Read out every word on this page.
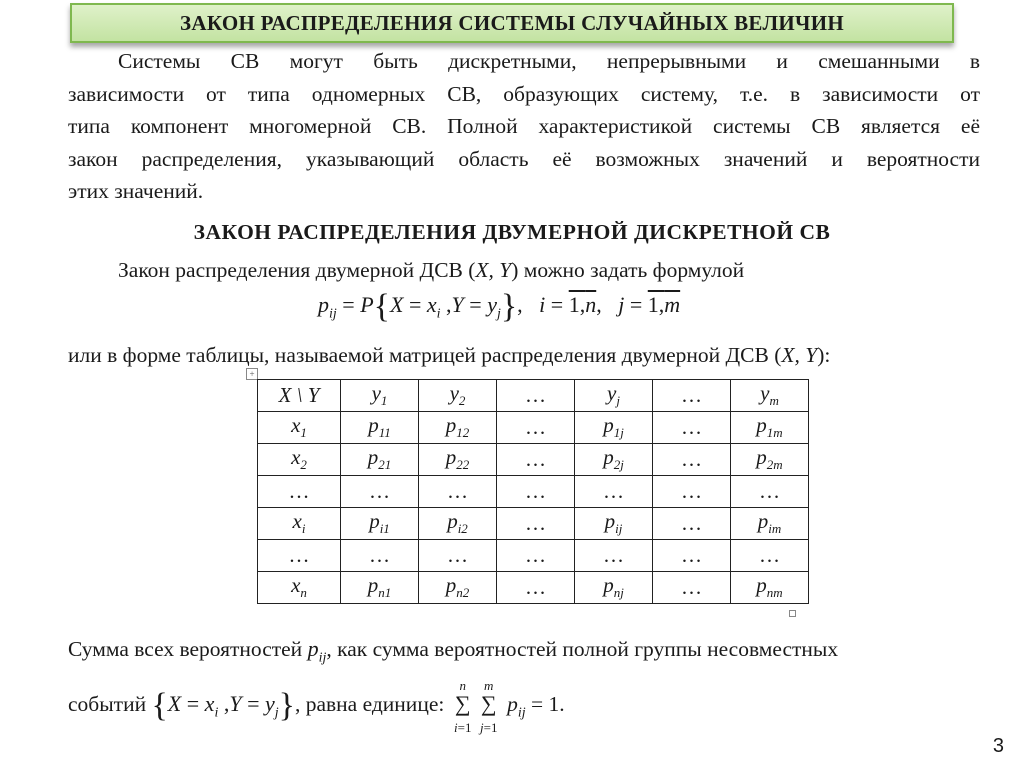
ЗАКОН РАСПРЕДЕЛЕНИЯ СИСТЕМЫ СЛУЧАЙНЫХ ВЕЛИЧИН
Системы СВ могут быть дискретными, непрерывными и смешанными в
зависимости от типа одномерных СВ, образующих систему, т.е. в зависимости от
типа компонент многомерной СВ. Полной характеристикой системы СВ является её
закон распределения, указывающий область её возможных значений и вероятности
этих значений.
ЗАКОН РАСПРЕДЕЛЕНИЯ ДВУМЕРНОЙ ДИСКРЕТНОЙ СВ
Закон распределения двумерной ДСВ (X, Y) можно задать формулой
$p_{ij} = P\{X = x_i$ $,Y = y_j$},   i = 1,n,   j = 1,m
или в форме таблицы, называемой матрицей распределения двумерной ДСВ (X, Y):
+
X \ Y	$y_1$	$y_2$	…	$y_j$	…	$y_m$
$x_1$	$p_{11}$	$p_{12}$	…	$p_{1j}$	…	$p_{1m}$
$x_2$	$p_{21}$	$p_{22}$	…	$p_{2j}$	…	$p_{2m}$
…	…	…	…	…	…	…
$x_i$	$p_{i1}$	$p_{i2}$	…	$p_{ij}$	…	$p_{im}$
…	…	…	…	…	…	…
$x_n$	$p_{n1}$	$p_{n2}$	…	$p_{nj}$	…	$p_{nm}$
Сумма всех вероятностей $p_{ij}$, как сумма вероятностей полной группы несовместных
событий {$X = x_i$ $,Y = y_j$}, равна единице: ∑
n
i=1
∑
m
j=1
$p_{ij} = 1$.
3
